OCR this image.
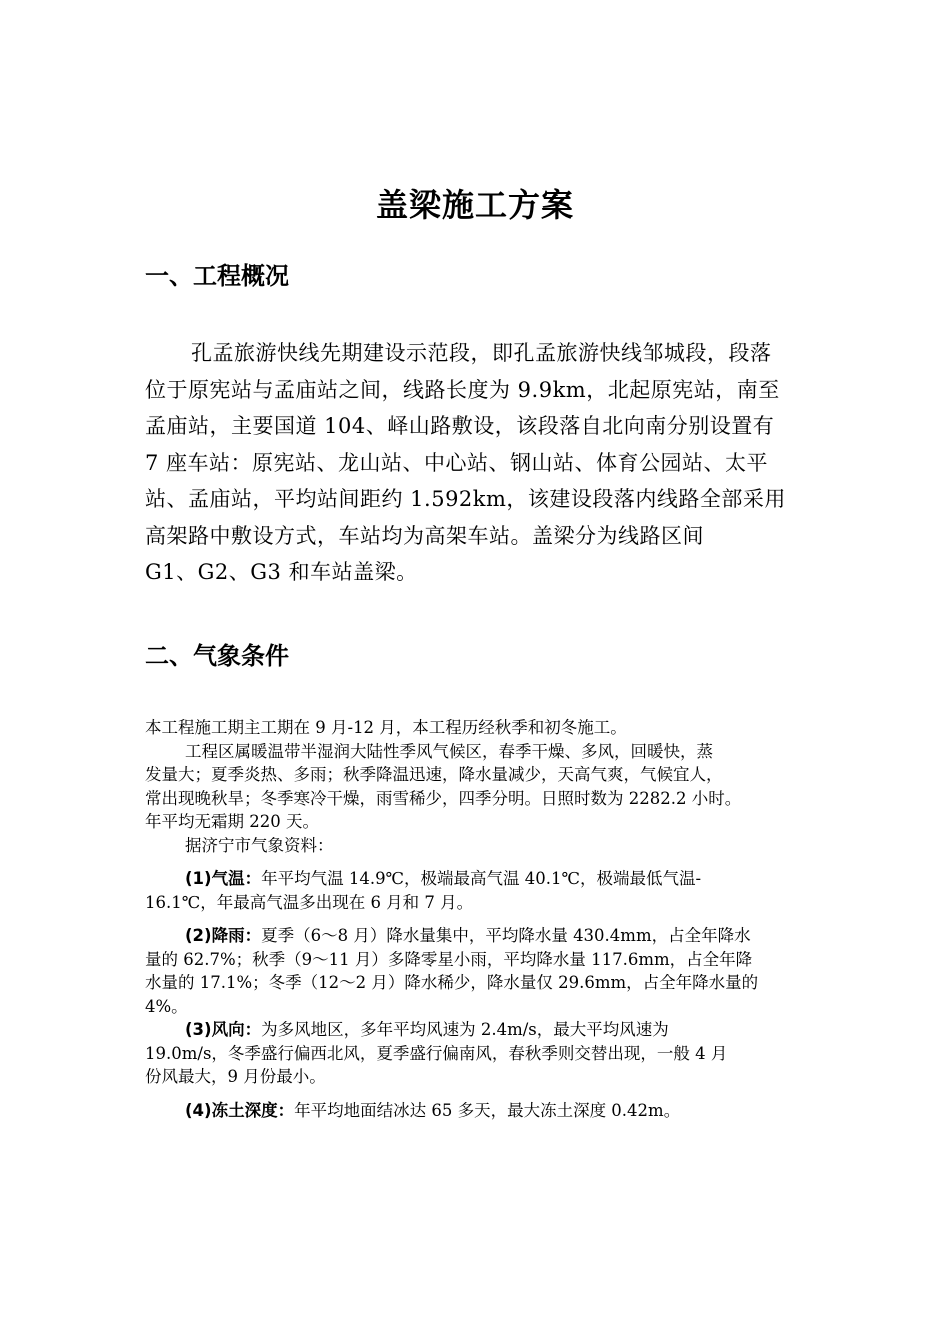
盖梁施工方案
一、工程概况

孔孟旅游快线先期建设示范段，即孔孟旅游快线邹城段，段落
位于原宪站与孟庙站之间，线路长度为 9.9km，北起原宪站，南至
孟庙站，主要国道 104、峄山路敷设，该段落自北向南分别设置有
7 座车站：原宪站、龙山站、中心站、钢山站、体育公园站、太平
站、孟庙站，平均站间距约 1.592km，该建设段落内线路全部采用
高架路中敷设方式，车站均为高架车站。盖梁分为线路区间
G1、G2、G3 和车站盖梁。

二、气象条件
本工程施工期主工期在 9 月-12 月，本工程历经秋季和初冬施工。
工程区属暖温带半湿润大陆性季风气候区，春季干燥、多风，回暖快，蒸
发量大；夏季炎热、多雨；秋季降温迅速，降水量减少，天高气爽，气候宜人，
常出现晚秋旱；冬季寒冷干燥，雨雪稀少，四季分明。日照时数为 2282.2 小时。
年平均无霜期 220 天。
据济宁市气象资料：
(1)气温：年平均气温 14.9℃，极端最高气温 40.1℃，极端最低气温-
16.1℃，年最高气温多出现在 6 月和 7 月。
(2)降雨：夏季（6～8 月）降水量集中，平均降水量 430.4mm，占全年降水
量的 62.7%；秋季（9～11 月）多降零星小雨，平均降水量 117.6mm，占全年降
水量的 17.1%；冬季（12～2 月）降水稀少，降水量仅 29.6mm，占全年降水量的
4%。
(3)风向：为多风地区，多年平均风速为 2.4m/s，最大平均风速为
19.0m/s，冬季盛行偏西北风，夏季盛行偏南风，春秋季则交替出现，一般 4 月
份风最大，9 月份最小。
(4)冻土深度：年平均地面结冰达 65 多天，最大冻土深度 0.42m。
